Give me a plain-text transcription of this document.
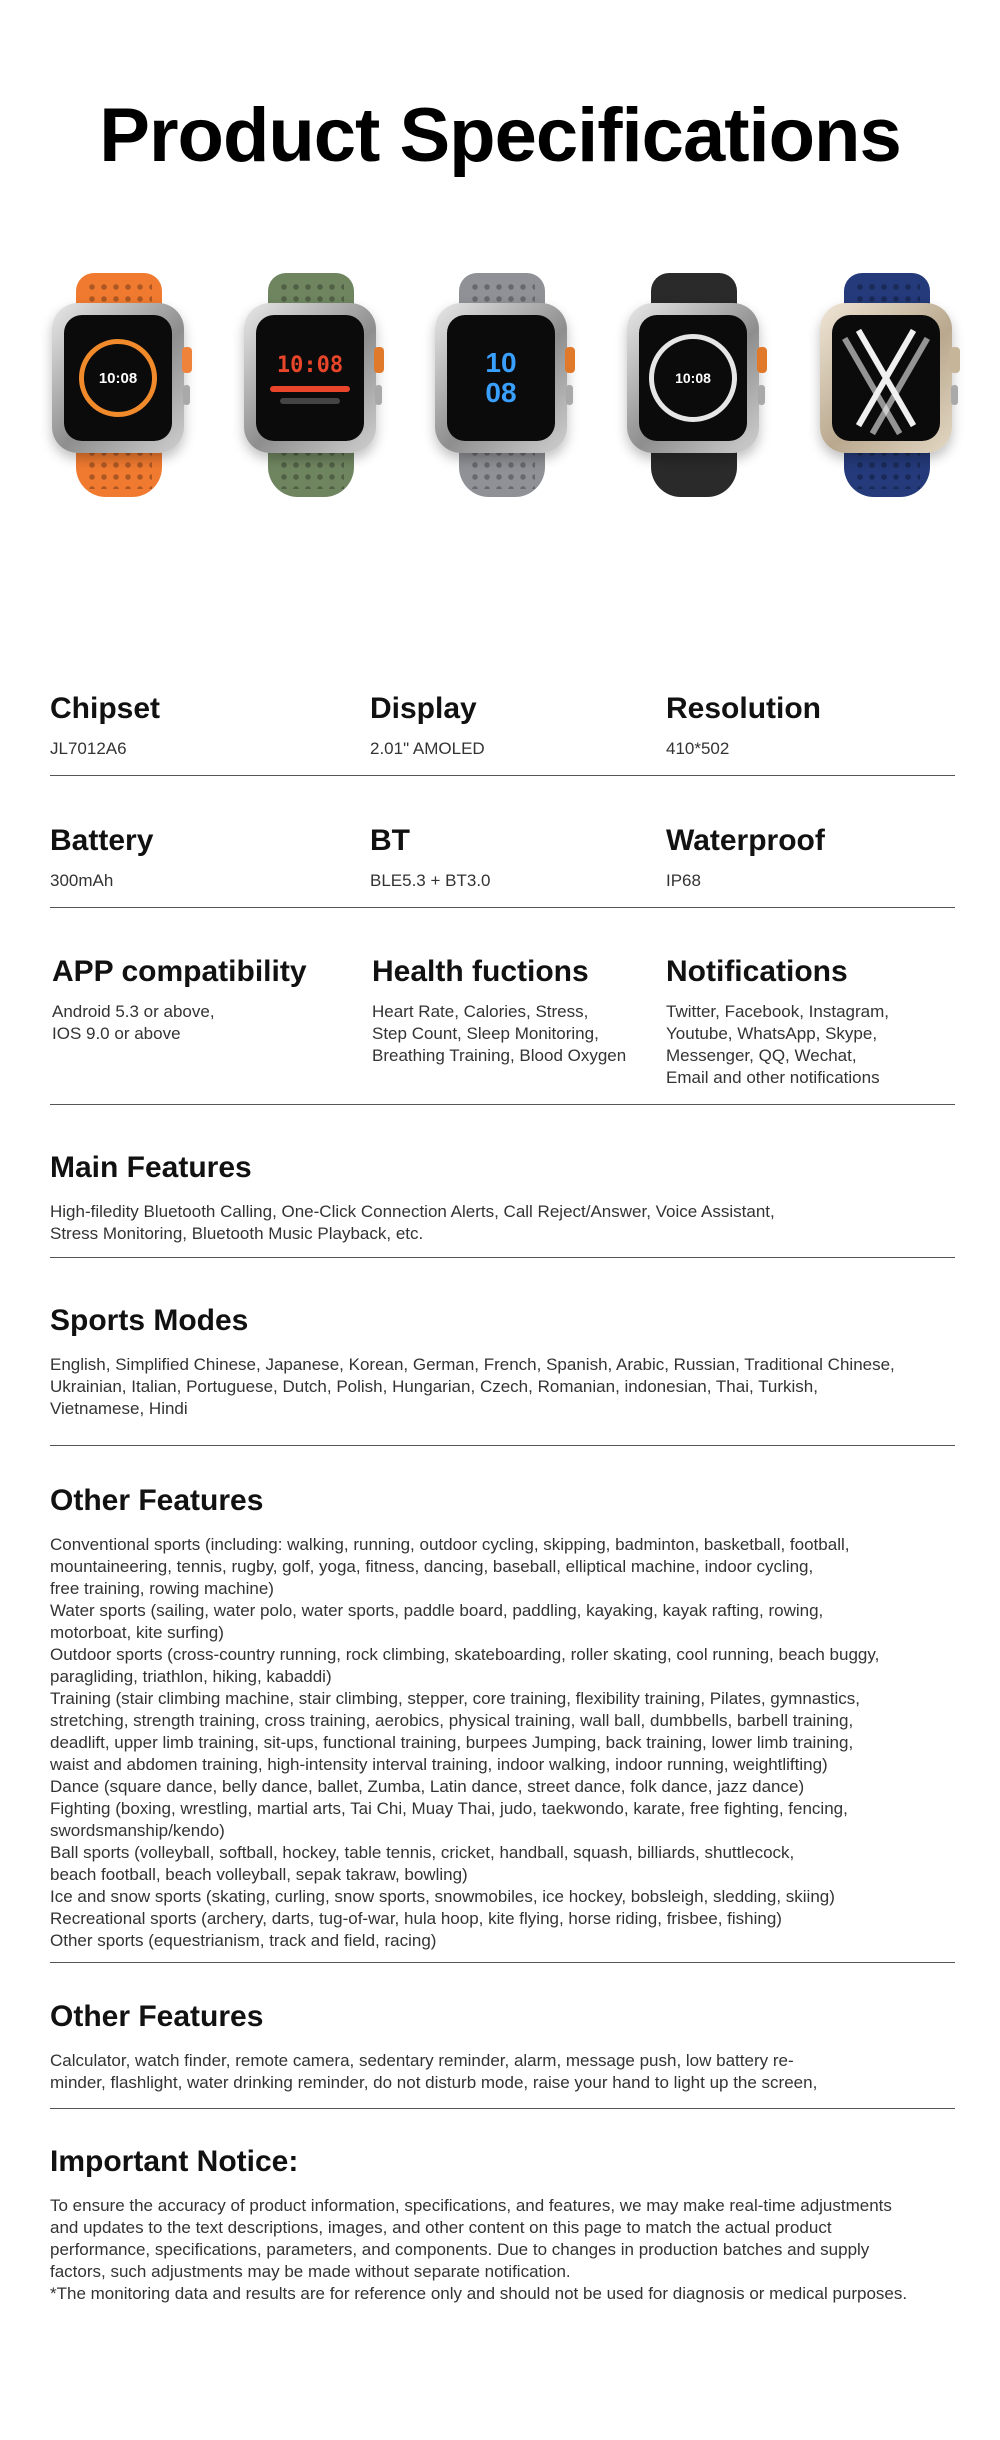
Product Specifications
10:08
10:08	10 08	10:08
Chipset

JL7012A6

Display

2.01" AMOLED

Resolution

410*502

Battery

300mAh

BT

BLE5.3 + BT3.0

Waterproof

IP68

APP compatibility

Android 5.3 or above,
IOS 9.0 or above

Health fuctions

Heart Rate, Calories, Stress,
Step Count, Sleep Monitoring,
Breathing Training, Blood Oxygen

Notifications

Twitter, Facebook, Instagram,
Youtube, WhatsApp, Skype,
Messenger, QQ, Wechat,
Email and other notifications

Main Features

High-filedity Bluetooth Calling, One-Click Connection Alerts, Call Reject/Answer, Voice Assistant,
Stress Monitoring, Bluetooth Music Playback, etc.

Sports Modes

English, Simplified Chinese, Japanese, Korean, German, French, Spanish, Arabic, Russian, Traditional Chinese,
Ukrainian, Italian, Portuguese, Dutch, Polish, Hungarian, Czech, Romanian, indonesian, Thai, Turkish,
Vietnamese, Hindi

Other Features

Conventional sports (including: walking, running, outdoor cycling, skipping, badminton, basketball, football,
mountaineering, tennis, rugby, golf, yoga, fitness, dancing, baseball, elliptical machine, indoor cycling,
free training, rowing machine)
Water sports (sailing, water polo, water sports, paddle board, paddling, kayaking, kayak rafting, rowing,
motorboat, kite surfing)
Outdoor sports (cross-country running, rock climbing, skateboarding, roller skating, cool running, beach buggy,
paragliding, triathlon, hiking, kabaddi)
Training (stair climbing machine, stair climbing, stepper, core training, flexibility training, Pilates, gymnastics,
stretching, strength training, cross training, aerobics, physical training, wall ball, dumbbells, barbell training,
deadlift, upper limb training, sit-ups, functional training, burpees Jumping, back training, lower limb training,
waist and abdomen training, high-intensity interval training, indoor walking, indoor running, weightlifting)
Dance (square dance, belly dance, ballet, Zumba, Latin dance, street dance, folk dance, jazz dance)
Fighting (boxing, wrestling, martial arts, Tai Chi, Muay Thai, judo, taekwondo, karate, free fighting, fencing,
swordsmanship/kendo)
Ball sports (volleyball, softball, hockey, table tennis, cricket, handball, squash, billiards, shuttlecock,
beach football, beach volleyball, sepak takraw, bowling)
Ice and snow sports (skating, curling, snow sports, snowmobiles, ice hockey, bobsleigh, sledding, skiing)
Recreational sports (archery, darts, tug-of-war, hula hoop, kite flying, horse riding, frisbee, fishing)
Other sports (equestrianism, track and field, racing)

Other Features

Calculator, watch finder, remote camera, sedentary reminder, alarm, message push, low battery re-
minder, flashlight, water drinking reminder, do not disturb mode, raise your hand to light up the screen,

Important Notice:

To ensure the accuracy of product information, specifications, and features, we may make real-time adjustments
and updates to the text descriptions, images, and other content on this page to match the actual product
performance, specifications, parameters, and components. Due to changes in production batches and supply
factors, such adjustments may be made without separate notification.
*The monitoring data and results are for reference only and should not be used for diagnosis or medical purposes.
